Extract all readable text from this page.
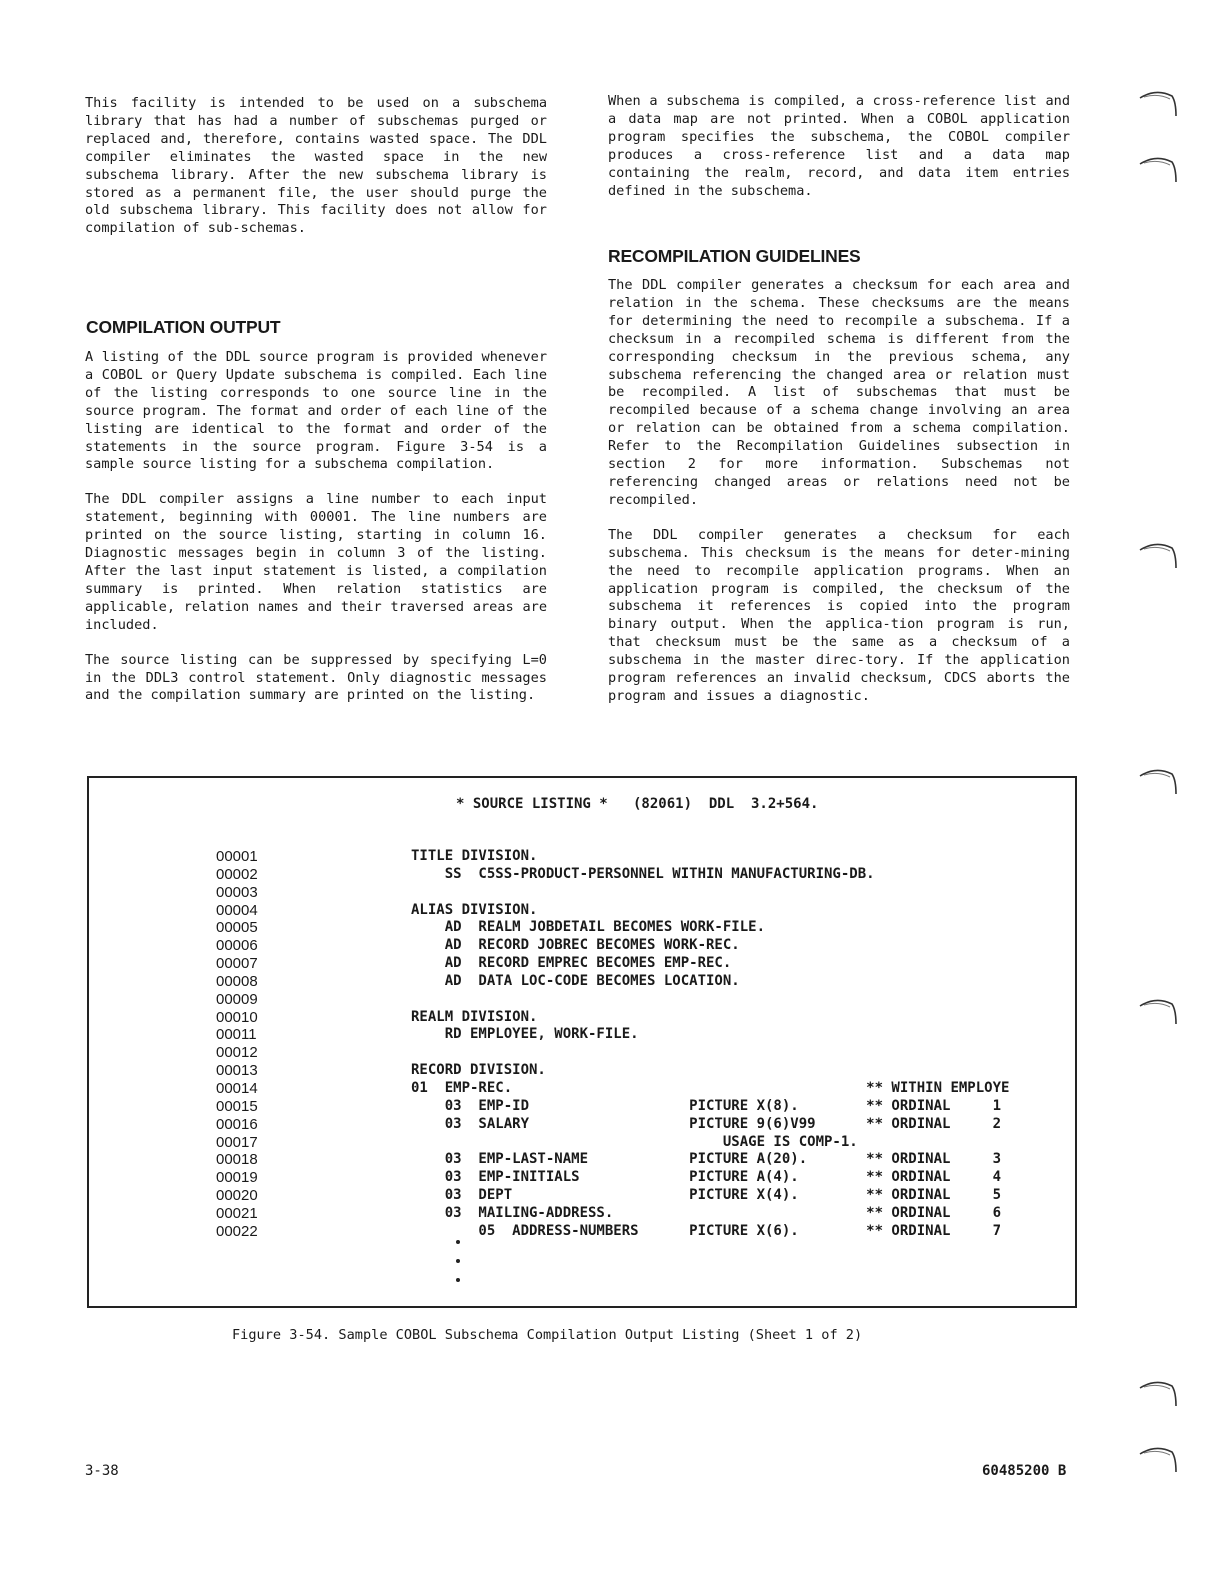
This facility is intended to be used on a subschema library that has had a number of subschemas purged or replaced and, therefore, contains wasted space. The DDL compiler eliminates the wasted space in the new subschema library. After the new subschema library is stored as a permanent file, the user should purge the old subschema library. This facility does not allow for compilation of sub-schemas.

COMPILATION OUTPUT

A listing of the DDL source program is provided whenever a COBOL or Query Update subschema is compiled. Each line of the listing corresponds to one source line in the source program. The format and order of each line of the listing are identical to the format and order of the statements in the source program. Figure 3-54 is a sample source listing for a subschema compilation.

The DDL compiler assigns a line number to each input statement, beginning with 00001. The line numbers are printed on the source listing, starting in column 16. Diagnostic messages begin in column 3 of the listing. After the last input statement is listed, a compilation summary is printed. When relation statistics are applicable, relation names and their traversed areas are included.

The source listing can be suppressed by specifying L=0 in the DDL3 control statement. Only diagnostic messages and the compilation summary are printed on the listing.

When a subschema is compiled, a cross-reference list and a data map are not printed. When a COBOL application program specifies the subschema, the COBOL compiler produces a cross-reference list and a data map containing the realm, record, and data item entries defined in the subschema.

RECOMPILATION GUIDELINES

The DDL compiler generates a checksum for each area and relation in the schema. These checksums are the means for determining the need to recompile a subschema. If a checksum in a recompiled schema is different from the corresponding checksum in the previous schema, any subschema referencing the changed area or relation must be recompiled. A list of subschemas that must be recompiled because of a schema change involving an area or relation can be obtained from a schema compilation. Refer to the Recompilation Guidelines subsection in section 2 for more information. Subschemas not referencing changed areas or relations need not be recompiled.

The DDL compiler generates a checksum for each subschema. This checksum is the means for deter-mining the need to recompile application programs. When an application program is compiled, the checksum of the subschema it references is copied into the program binary output. When the applica-tion program is run, that checksum must be the same as a checksum of a subschema in the master direc-tory. If the application program references an invalid checksum, CDCS aborts the program and issues a diagnostic.

* SOURCE LISTING *   (82061)  DDL  3.2+564.
00001
00002
00003
00004
00005
00006
00007
00008
00009
00010
00011
00012
00013
00014
00015
00016
00017
00018
00019
00020
00021
00022
TITLE DIVISION.
SS  C5SS-PRODUCT-PERSONNEL WITHIN MANUFACTURING-DB.

ALIAS DIVISION.
AD  REALM JOBDETAIL BECOMES WORK-FILE.
AD  RECORD JOBREC BECOMES WORK-REC.
AD  RECORD EMPREC BECOMES EMP-REC.
AD  DATA LOC-CODE BECOMES LOCATION.

REALM DIVISION.
RD EMPLOYEE, WORK-FILE.

RECORD DIVISION.
01  EMP-REC.                                          ** WITHIN EMPLOYE
03  EMP-ID                   PICTURE X(8).        ** ORDINAL     1
03  SALARY                   PICTURE 9(6)V99      ** ORDINAL     2
USAGE IS COMP-1.
03  EMP-LAST-NAME            PICTURE A(20).       ** ORDINAL     3
03  EMP-INITIALS             PICTURE A(4).        ** ORDINAL     4
03  DEPT                     PICTURE X(4).        ** ORDINAL     5
03  MAILING-ADDRESS.                              ** ORDINAL     6
05  ADDRESS-NUMBERS      PICTURE X(6).        ** ORDINAL     7
Figure 3-54. Sample COBOL Subschema Compilation Output Listing (Sheet 1 of 2)
3-38	60485200 B
